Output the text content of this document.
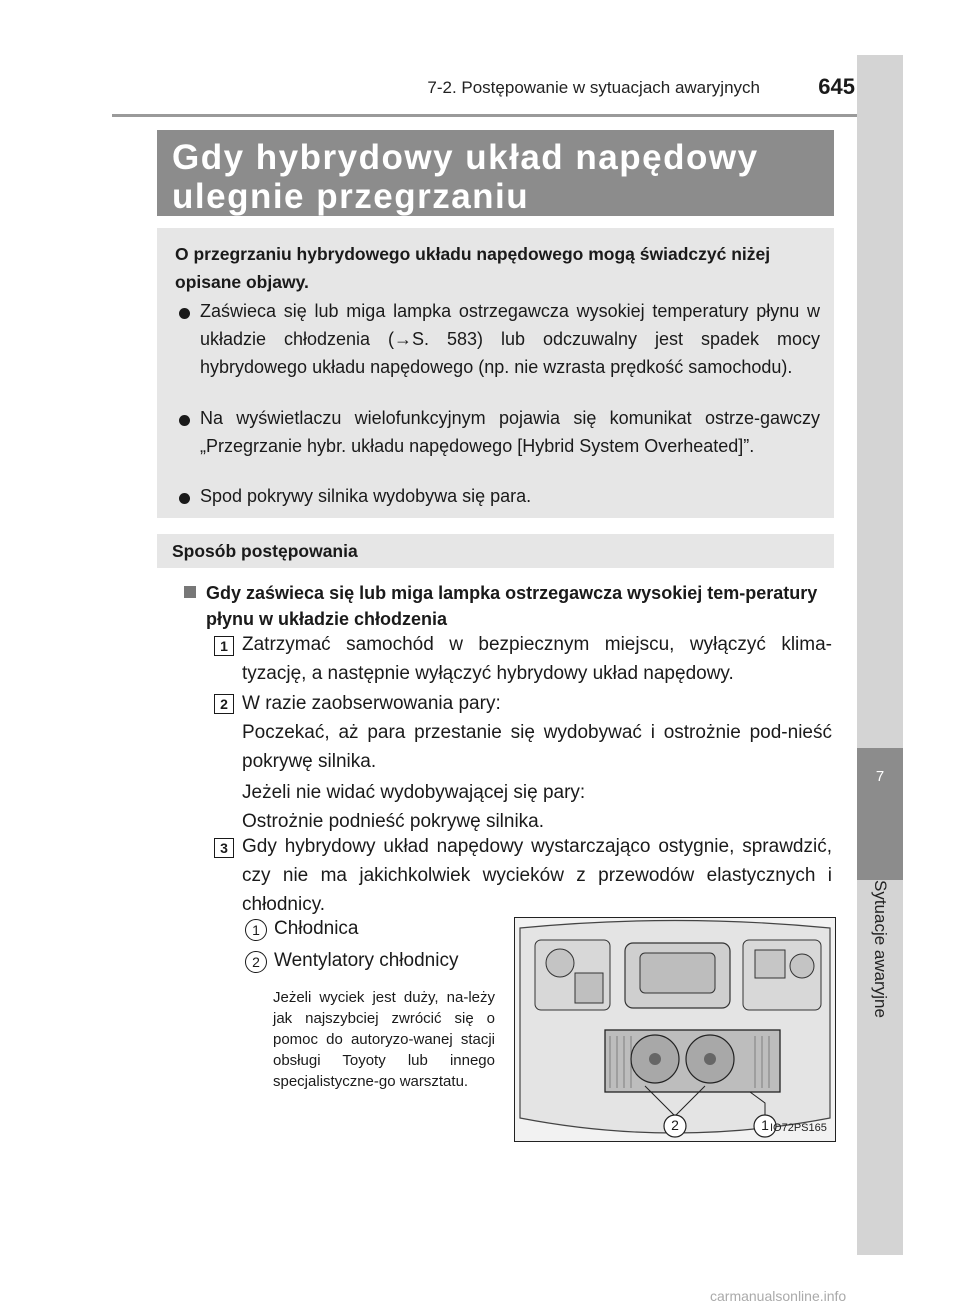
7
Sytuacje awaryjne
7-2. Postępowanie w sytuacjach awaryjnych	645
Gdy hybrydowy układ napędowy
ulegnie przegrzaniu
O przegrzaniu hybrydowego układu napędowego mogą świadczyć niżej opisane objawy.
Zaświeca się lub miga lampka ostrzegawcza wysokiej temperatury płynu w układzie chłodzenia (→S. 583) lub odczuwalny jest spadek mocy hybrydowego układu napędowego (np. nie wzrasta prędkość samochodu).
Na wyświetlaczu wielofunkcyjnym pojawia się komunikat ostrze-gawczy „Przegrzanie hybr. układu napędowego [Hybrid System Overheated]”.
Spod pokrywy silnika wydobywa się para.
Sposób postępowania
Gdy zaświeca się lub miga lampka ostrzegawcza wysokiej tem-peratury płynu w układzie chłodzenia
1 Zatrzymać samochód w bezpiecznym miejscu, wyłączyć klima-tyzację, a następnie wyłączyć hybrydowy układ napędowy.
2 W razie zaobserwowania pary:
Poczekać, aż para przestanie się wydobywać i ostrożnie pod-nieść pokrywę silnika.
Jeżeli nie widać wydobywającej się pary:
Ostrożnie podnieść pokrywę silnika.
3 Gdy hybrydowy układ napędowy wystarczająco ostygnie, sprawdzić, czy nie ma jakichkolwiek wycieków z przewodów elastycznych i chłodnicy.
1 Chłodnica
2 Wentylatory chłodnicy
Jeżeli wyciek jest duży, na-leży jak najszybciej zwrócić się o pomoc do autoryzo-wanej stacji obsługi Toyoty lub innego specjalistyczne-go warsztatu.
2	1 IO72PS165
carmanualsonline.info
